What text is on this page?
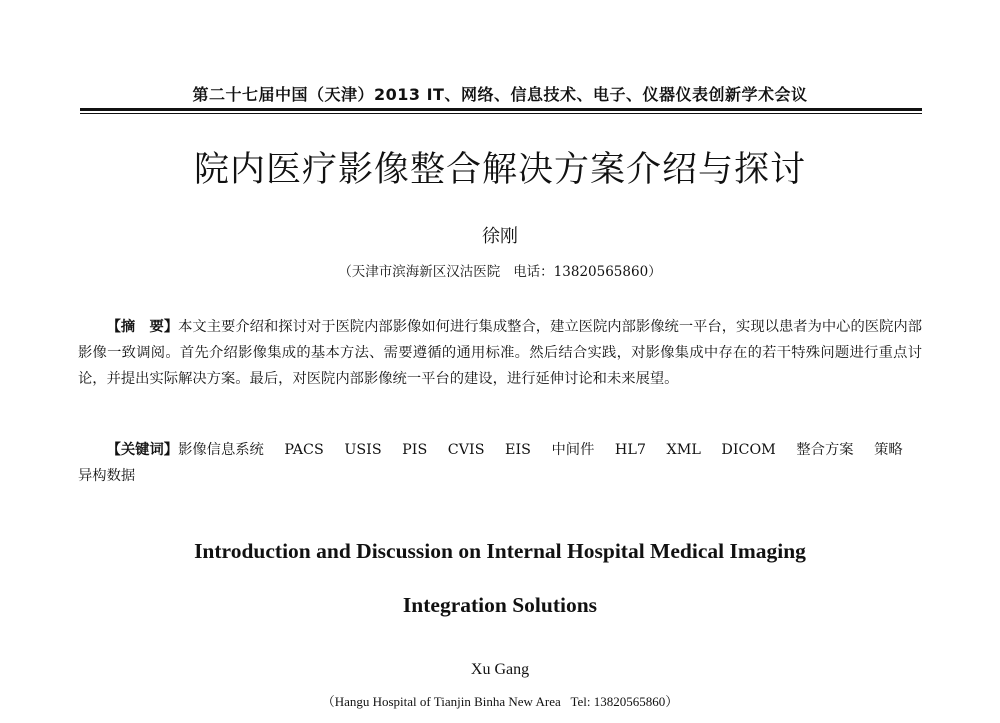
第二十七届中国（天津）2013 IT、网络、信息技术、电子、仪器仪表创新学术会议
院内医疗影像整合解决方案介绍与探讨
徐刚
（天津市滨海新区汉沽医院 电话：13820565860）
【摘　要】本文主要介绍和探讨对于医院内部影像如何进行集成整合，建立医院内部影像统一平台，实现以患者为中心的医院内部影像一致调阅。首先介绍影像集成的基本方法、需要遵循的通用标准。然后结合实践，对影像集成中存在的若干特殊问题进行重点讨论，并提出实际解决方案。最后，对医院内部影像统一平台的建设，进行延伸讨论和未来展望。
【关键词】影像信息系统 PACS USIS PIS CVIS EIS 中间件 HL7 XML DICOM 整合方案 策略 异构数据
Introduction and Discussion on Internal Hospital Medical Imaging
Integration Solutions
Xu Gang
（Hangu Hospital of Tianjin Binha New Area Tel: 13820565860）
